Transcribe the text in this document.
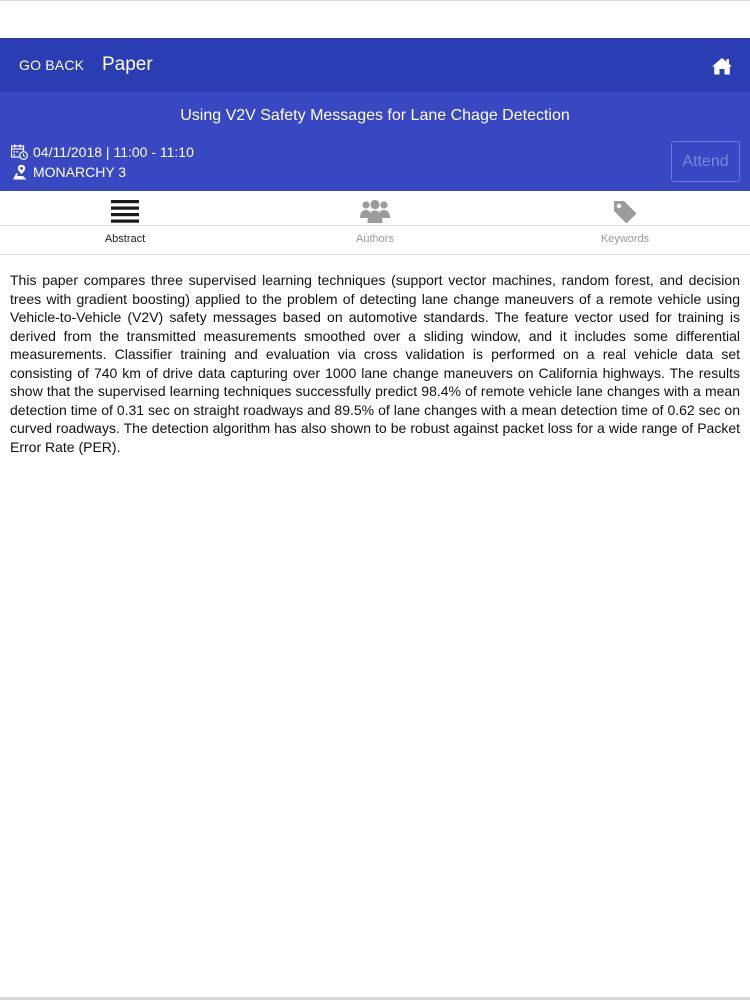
GO BACK Paper
Using V2V Safety Messages for Lane Chage Detection
04/11/2018 | 11:00 - 11:10
MONARCHY 3
Attend
Abstract	Authors	Keywords
This paper compares three supervised learning techniques (support vector machines, random forest, and decision trees with gradient boosting) applied to the problem of detecting lane change maneuvers of a remote vehicle using Vehicle-to-Vehicle (V2V) safety messages based on automotive standards. The feature vector used for training is derived from the transmitted measurements smoothed over a sliding window, and it includes some differential measurements. Classifier training and evaluation via cross validation is performed on a real vehicle data set consisting of 740 km of drive data capturing over 1000 lane change maneuvers on California highways. The results show that the supervised learning techniques successfully predict 98.4% of remote vehicle lane changes with a mean detection time of 0.31 sec on straight roadways and 89.5% of lane changes with a mean detection time of 0.62 sec on curved roadways. The detection algorithm has also shown to be robust against packet loss for a wide range of Packet Error Rate (PER).
